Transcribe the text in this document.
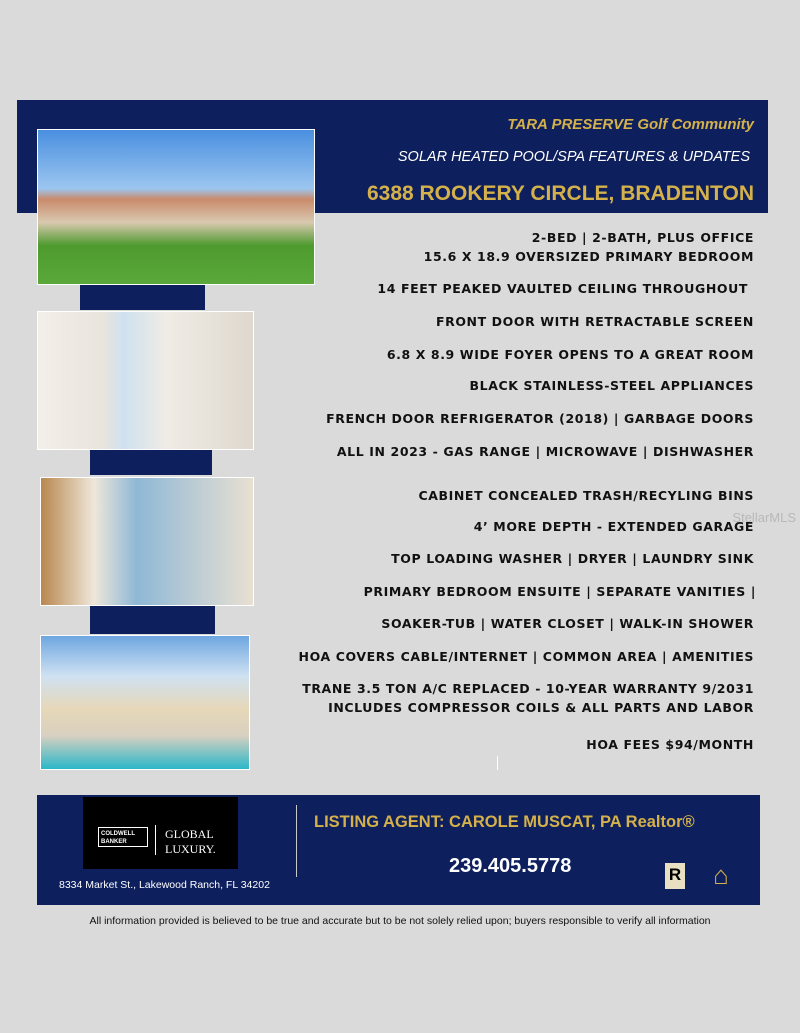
TARA PRESERVE Golf Community
SOLAR HEATED POOL/SPA FEATURES & UPDATES
6388 ROOKERY CIRCLE, BRADENTON
2-BED | 2-BATH, PLUS OFFICE
15.6 X 18.9 OVERSIZED PRIMARY BEDROOM
14 FEET PEAKED VAULTED CEILING THROUGHOUT
FRONT DOOR WITH RETRACTABLE SCREEN
6.8 X 8.9 WIDE FOYER OPENS TO A GREAT ROOM
BLACK STAINLESS-STEEL APPLIANCES
FRENCH DOOR REFRIGERATOR (2018) | GARBAGE DOORS
ALL IN 2023 - GAS RANGE | MICROWAVE | DISHWASHER
CABINET CONCEALED TRASH/RECYLING BINS
4’ MORE DEPTH - EXTENDED GARAGE
TOP LOADING WASHER | DRYER | LAUNDRY SINK
PRIMARY BEDROOM ENSUITE | SEPARATE VANITIES |
SOAKER-TUB | WATER CLOSET | WALK-IN SHOWER
HOA COVERS CABLE/INTERNET | COMMON AREA | AMENITIES
TRANE 3.5 TON A/C REPLACED - 10-YEAR WARRANTY 9/2031
INCLUDES COMPRESSOR COILS & ALL PARTS AND LABOR
HOA FEES $94/MONTH
StellarMLS
COLDWELL BANKER
GLOBAL
LUXURY.
8334 Market St., Lakewood Ranch, FL 34202
LISTING AGENT: CAROLE MUSCAT, PA Realtor®
239.405.5778	R	⌂
All information provided is believed to be true and accurate but to be not solely relied upon; buyers responsible to verify all information
